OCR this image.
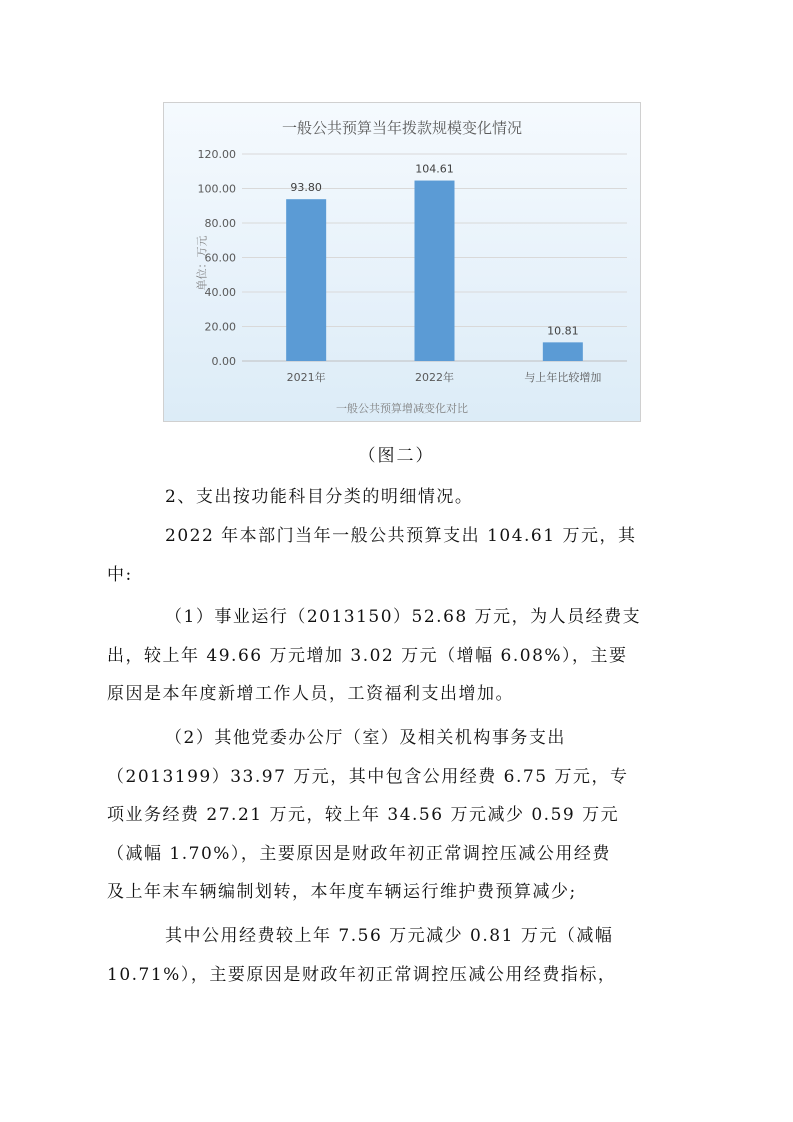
一般公共预算当年拨款规模变化情况
0.00
20.00
40.00
60.00
80.00
100.00
120.00
93.80
2021年
104.61
2022年
10.81
与上年比较增加
单位：万元
一般公共预算增减变化对比
（图二）
2、支出按功能科目分类的明细情况。
2022 年本部门当年一般公共预算支出 104.61 万元，其
中:
（1）事业运行（2013150）52.68 万元，为人员经费支
出，较上年 49.66 万元增加 3.02 万元（增幅 6.08%），主要
原因是本年度新增工作人员，工资福利支出增加。
（2）其他党委办公厅（室）及相关机构事务支出
（2013199）33.97 万元，其中包含公用经费 6.75 万元，专
项业务经费 27.21 万元，较上年 34.56 万元减少 0.59 万元
（减幅 1.70%），主要原因是财政年初正常调控压减公用经费
及上年末车辆编制划转，本年度车辆运行维护费预算减少;
其中公用经费较上年 7.56 万元减少 0.81 万元（减幅
10.71%），主要原因是财政年初正常调控压减公用经费指标，
